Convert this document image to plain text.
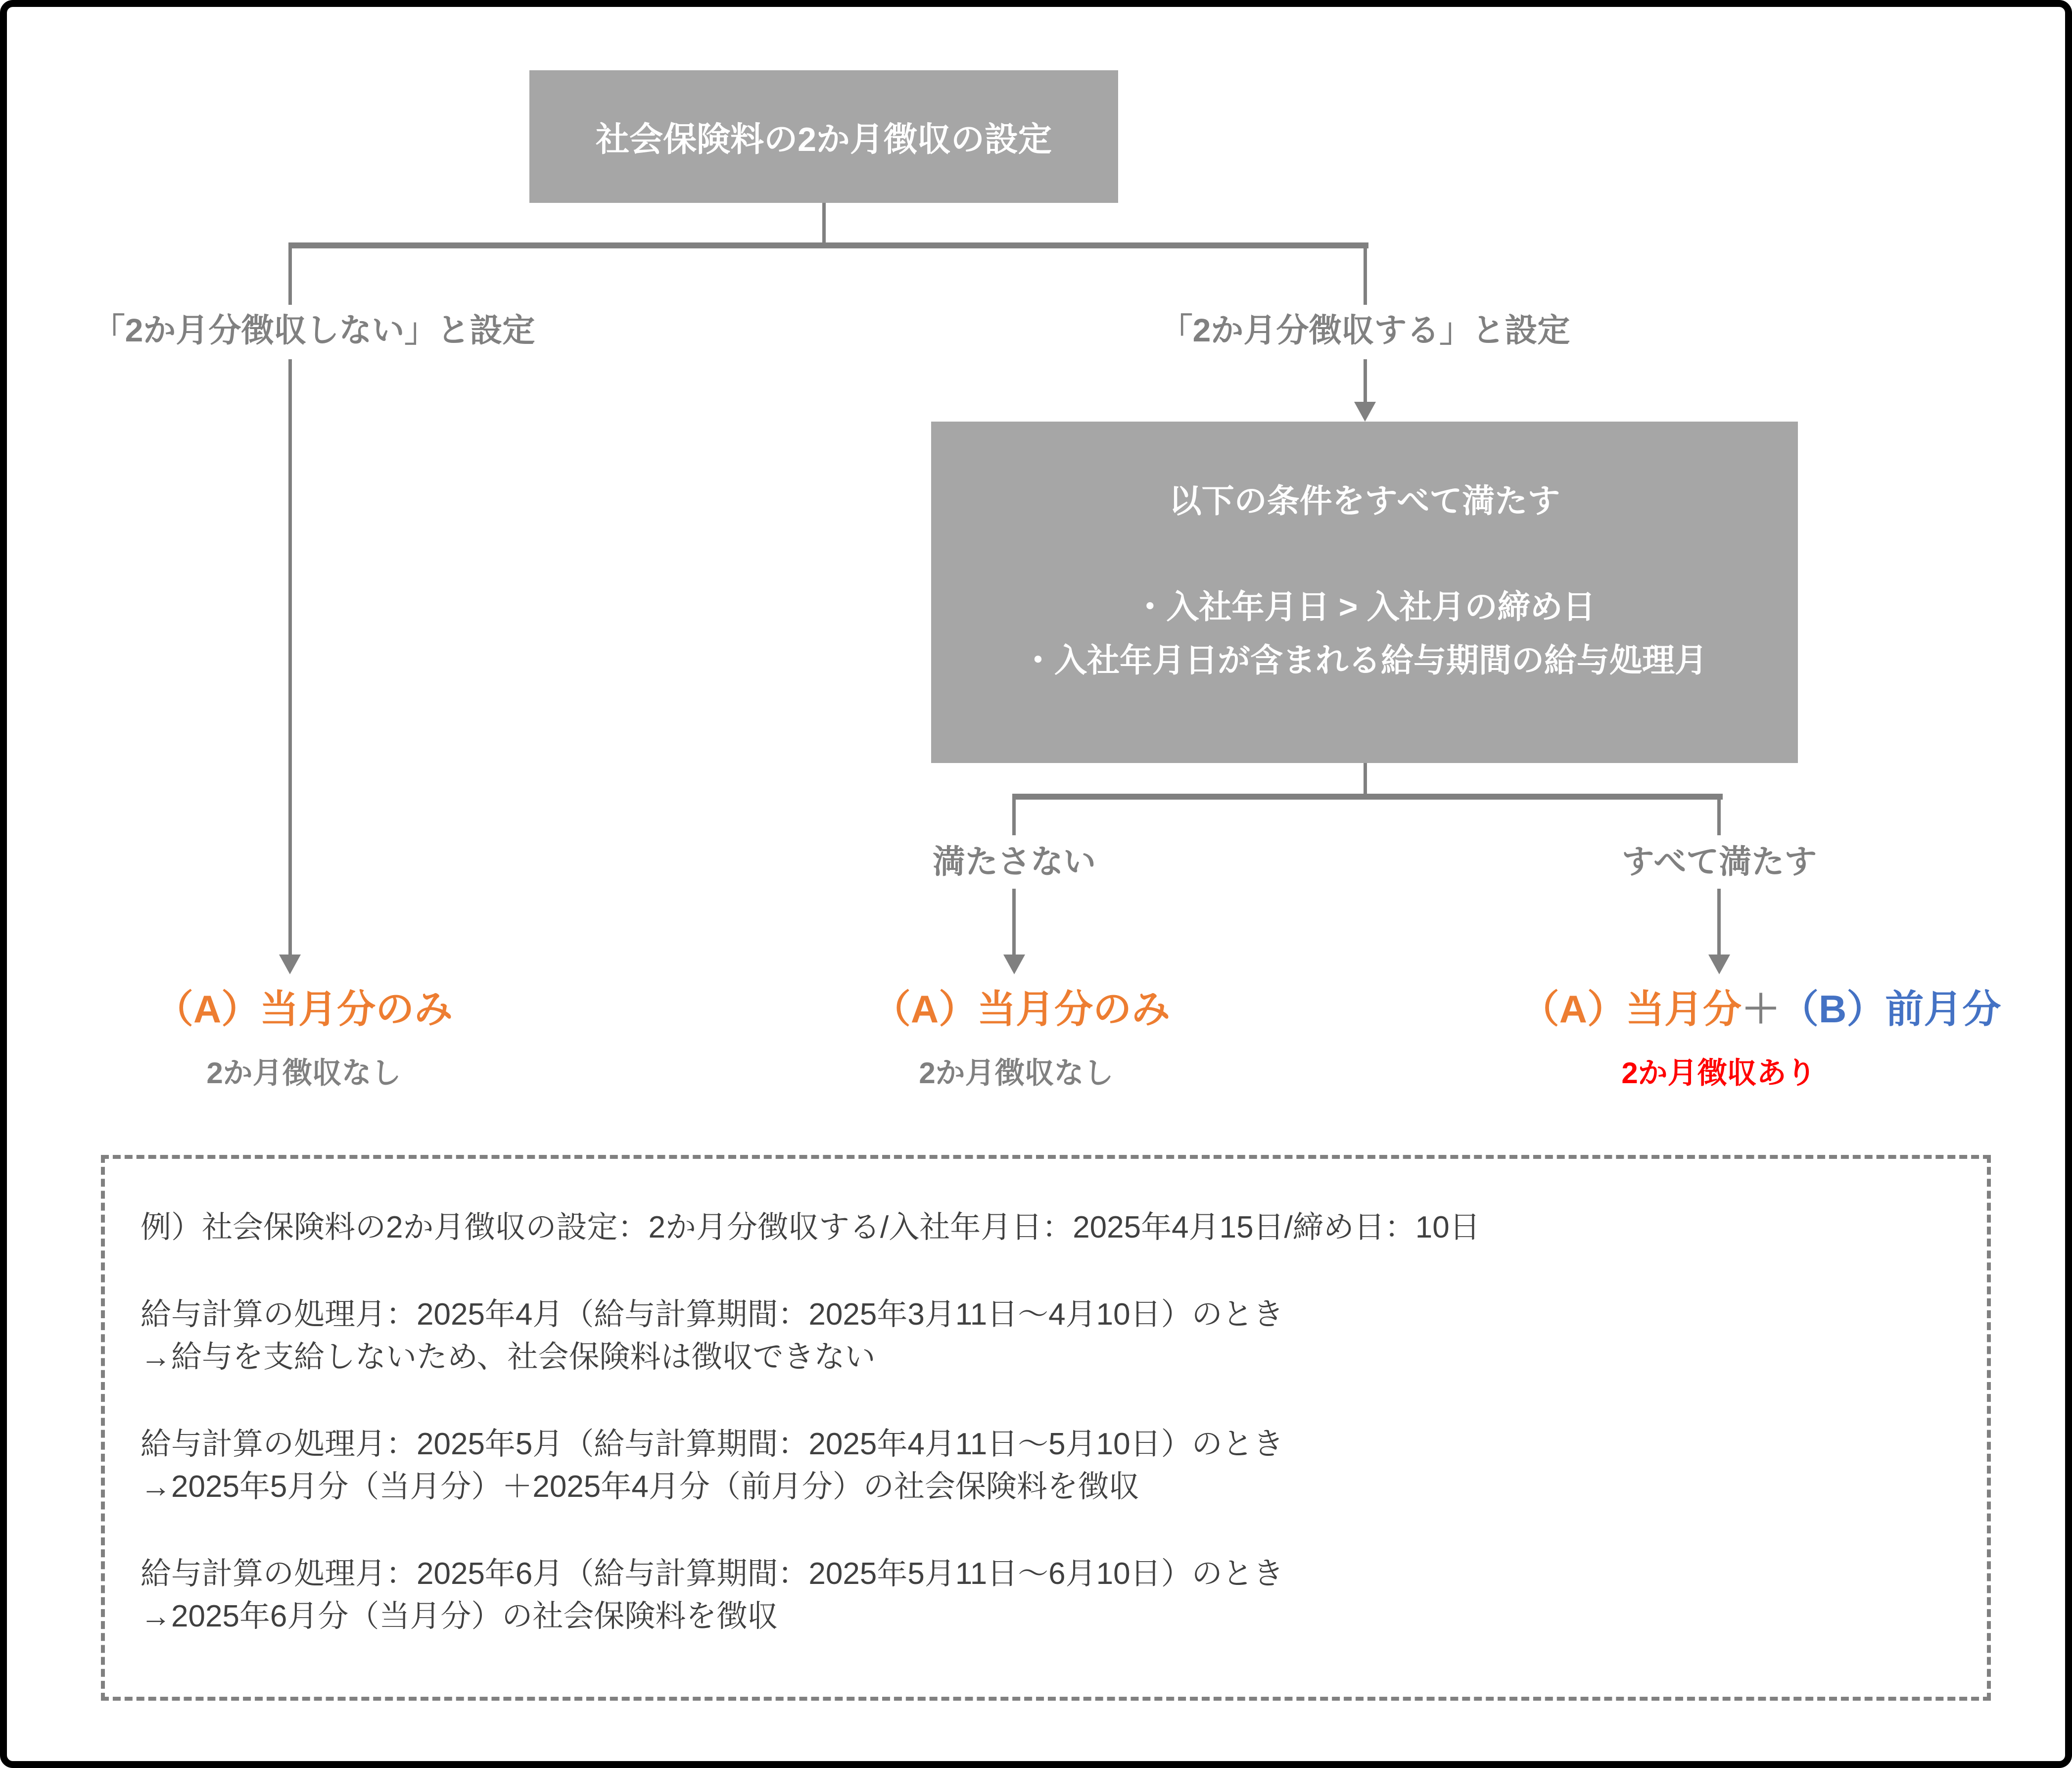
社会保険料の2か月徴収の設定
「2か月分徴収しない」と設定	「2か月分徴収する」と設定
以下の条件をすべて満たす
・入社年月日 > 入社月の締め日
・入社年月日が含まれる給与期間の給与処理月
満たさない	すべて満たす
（A）当月分のみ
2か月徴収なし
（A）当月分のみ
2か月徴収なし
（A）当月分＋（B）前月分
2か月徴収あり
例）社会保険料の2か月徴収の設定：2か月分徴収する/入社年月日：2025年4月15日/締め日：10日
給与計算の処理月：2025年4月（給与計算期間：2025年3月11日～4月10日）のとき
→給与を支給しないため、社会保険料は徴収できない
給与計算の処理月：2025年5月（給与計算期間：2025年4月11日～5月10日）のとき
→2025年5月分（当月分）＋2025年4月分（前月分）の社会保険料を徴収
給与計算の処理月：2025年6月（給与計算期間：2025年5月11日～6月10日）のとき
→2025年6月分（当月分）の社会保険料を徴収
